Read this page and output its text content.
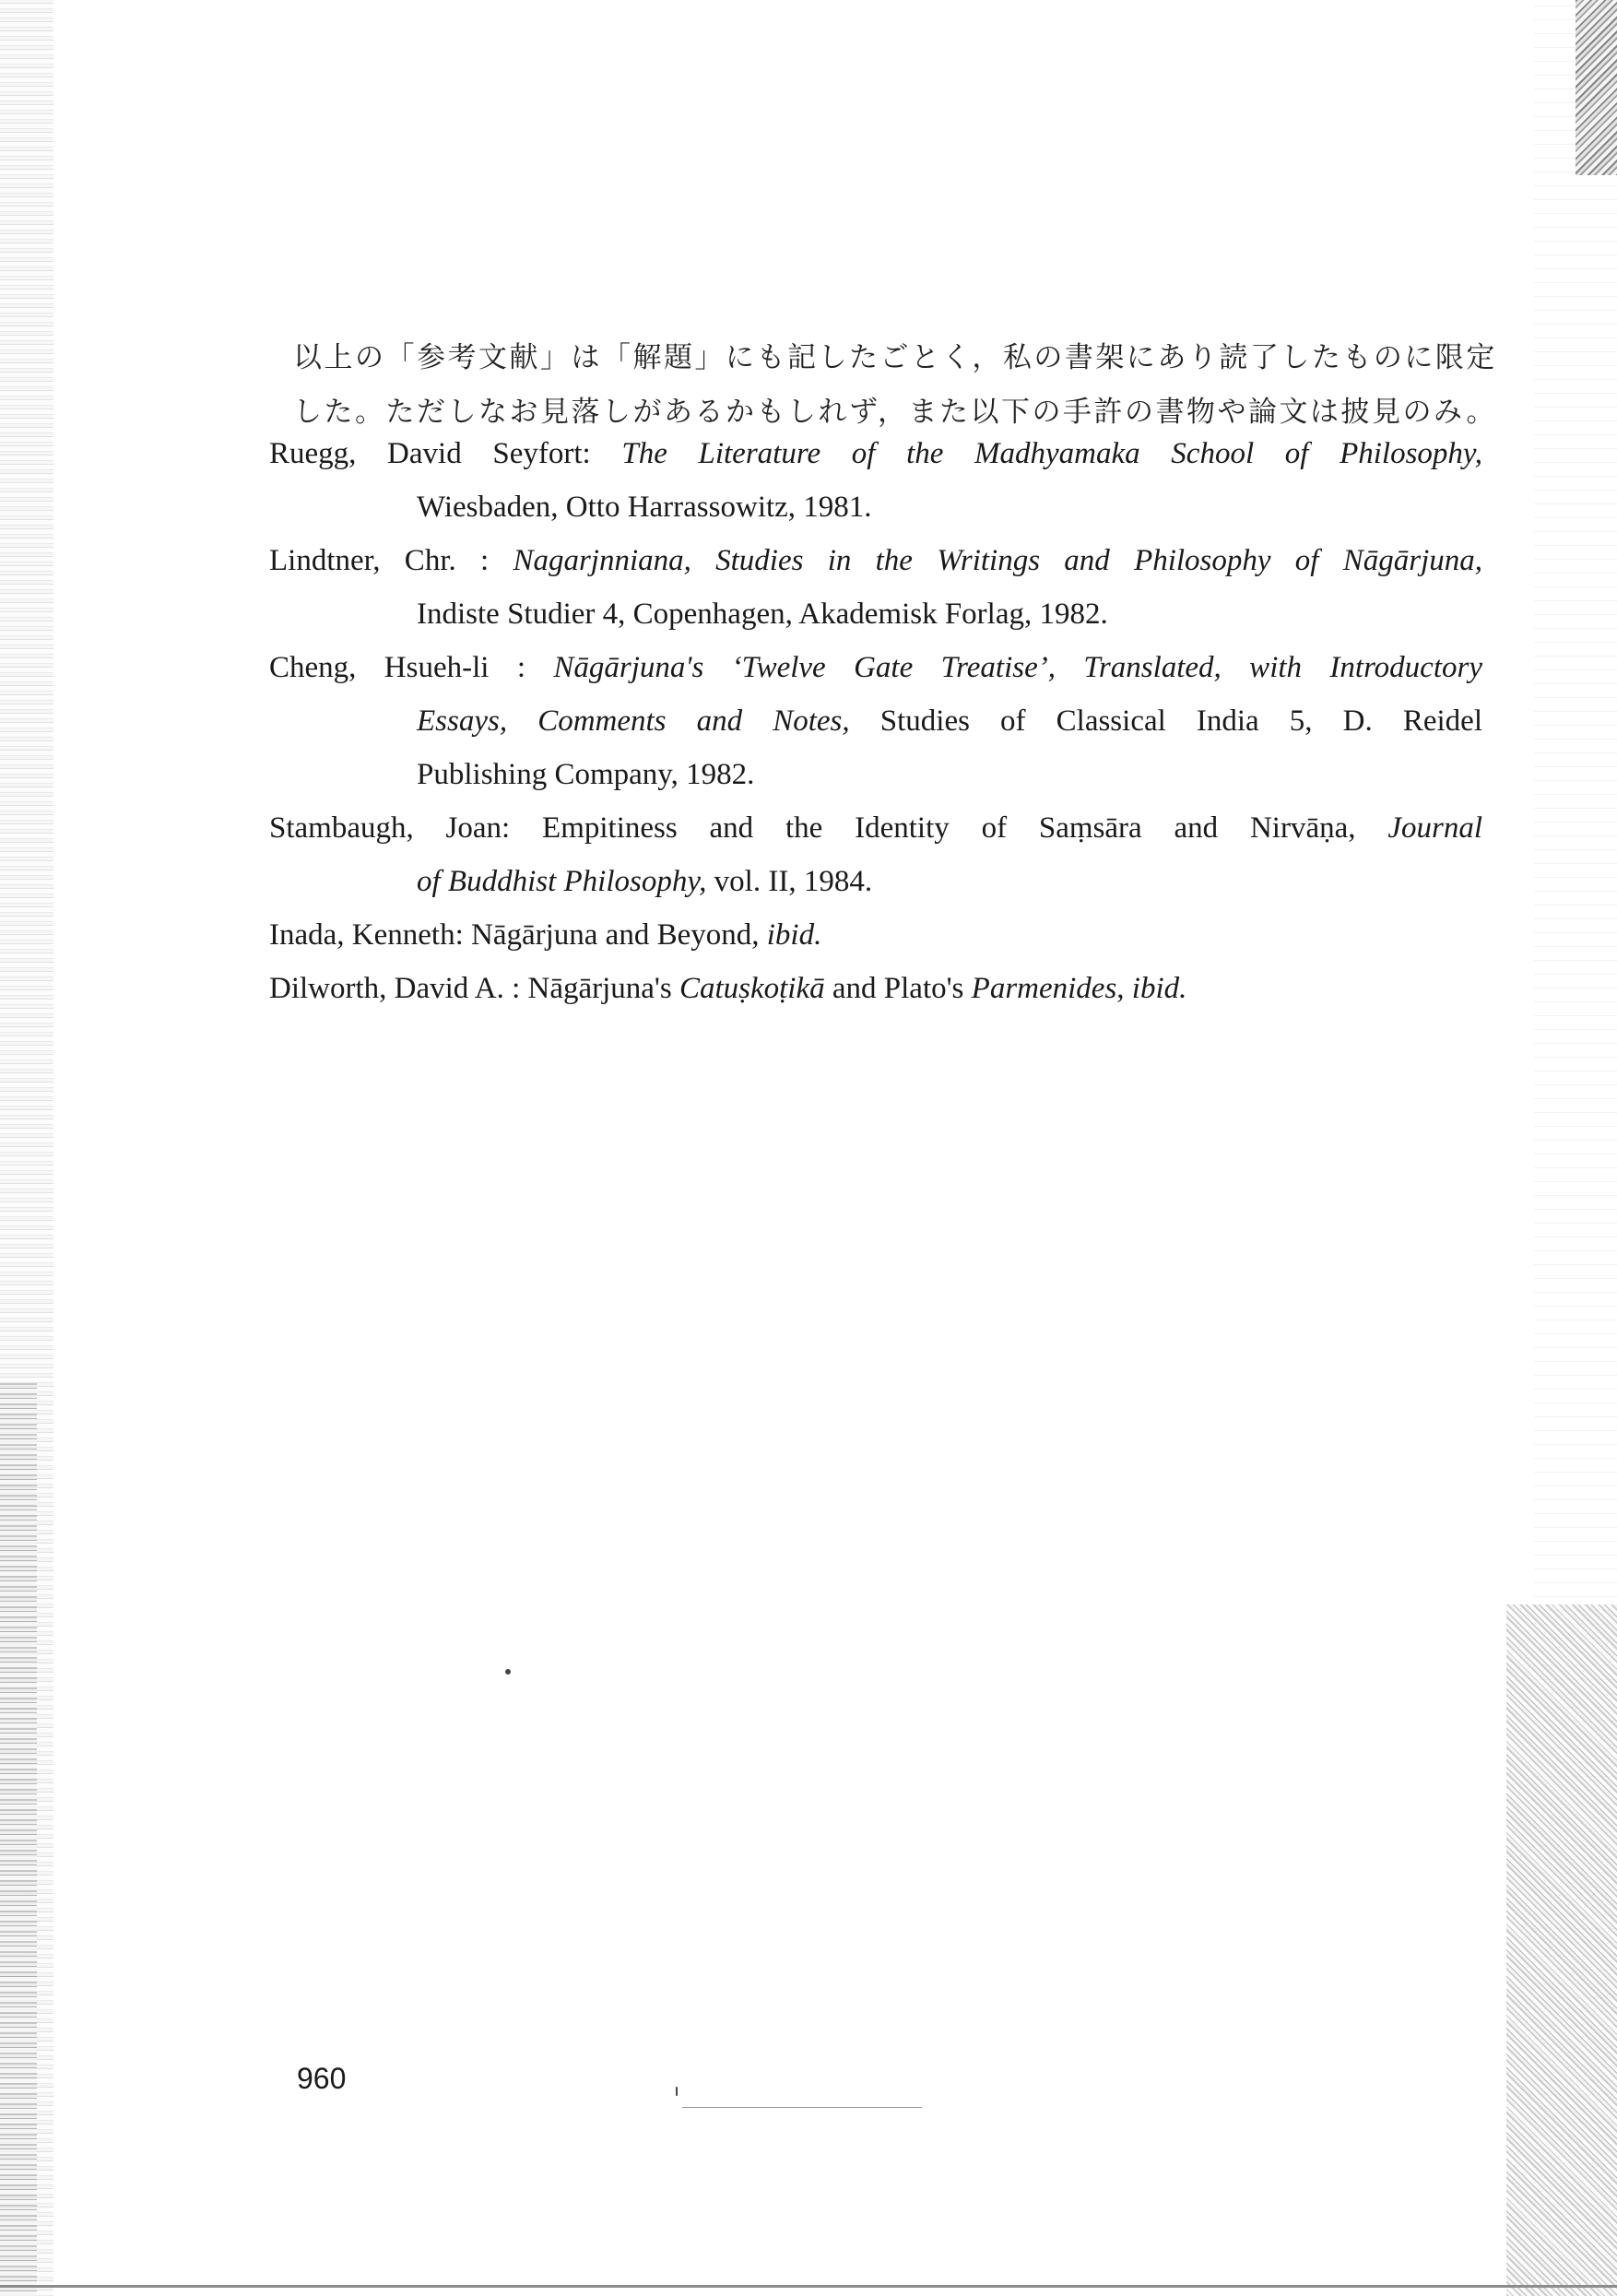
以上の「参考文献」は「解題」にも記したごとく，私の書架にあり読了したものに限定
した。ただしなお見落しがあるかもしれず，また以下の手許の書物や論文は披見のみ。
Ruegg, David Seyfort: The Literature of the Madhyamaka School of Philosophy,
Wiesbaden, Otto Harrassowitz, 1981.
Lindtner, Chr. : Nagarjnniana, Studies in the Writings and Philosophy of Nāgārjuna,
Indiste Studier 4, Copenhagen, Akademisk Forlag, 1982.
Cheng, Hsueh-li : Nāgārjuna's ‘Twelve Gate Treatise’, Translated, with Introductory
Essays, Comments and Notes, Studies of Classical India 5, D. Reidel
Publishing Company, 1982.
Stambaugh, Joan: Empitiness and the Identity of Saṃsāra and Nirvāṇa, Journal
of Buddhist Philosophy, vol. II, 1984.
Inada, Kenneth: Nāgārjuna and Beyond, ibid.
Dilworth, David A. : Nāgārjuna's Catuṣkoṭikā and Plato's Parmenides, ibid.
960
